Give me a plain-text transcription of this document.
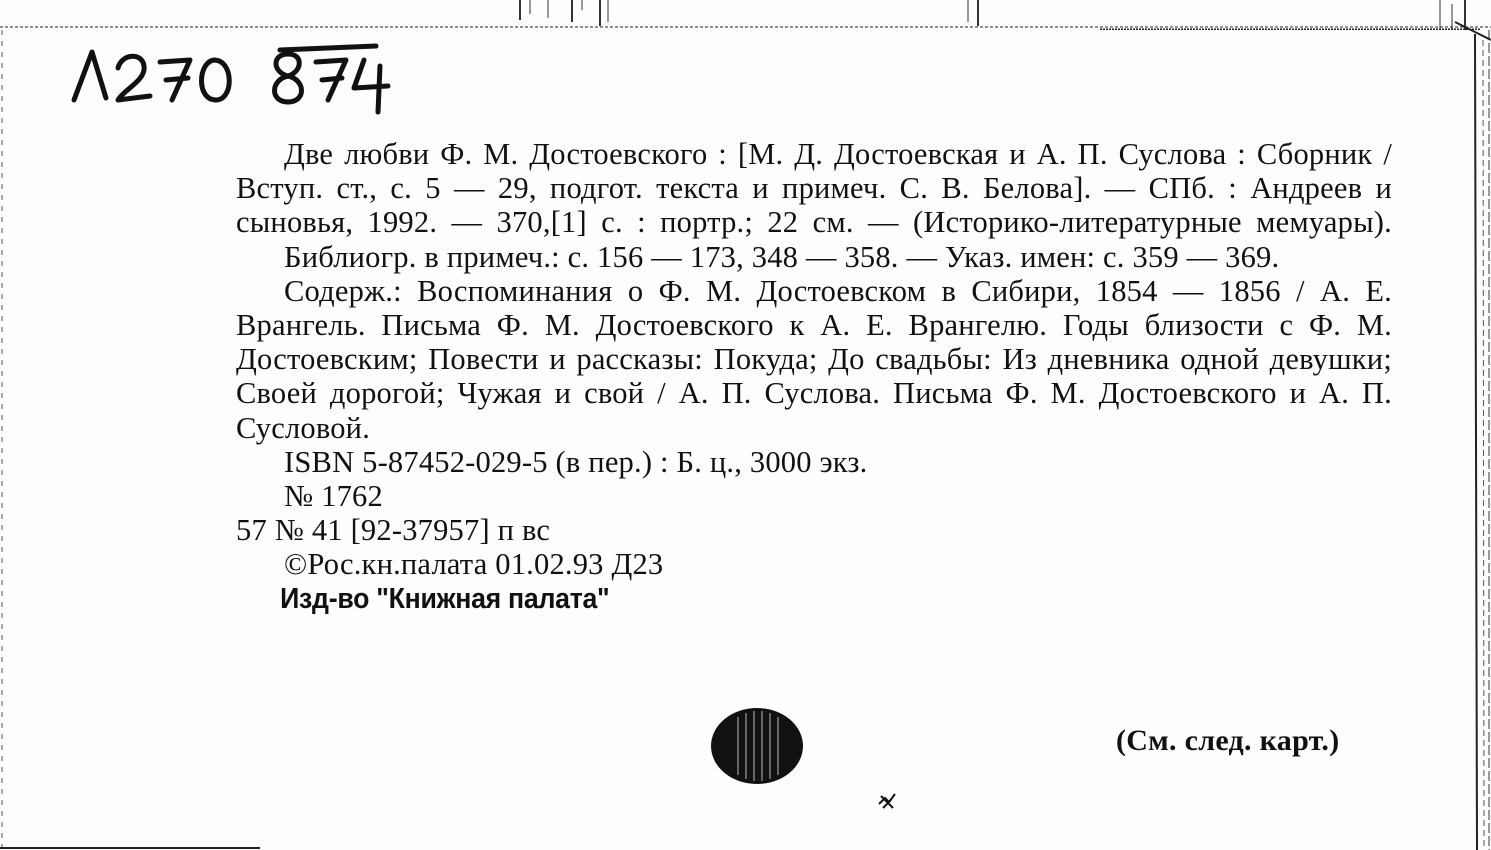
Две любви Ф. М. Достоевского : [М. Д. Достоевская и А. П. Суслова : Сборник / Вступ. ст., с. 5 — 29, подгот. текста и примеч. С. В. Белова]. — СПб. : Андреев и сыновья, 1992. — 370,[1] с. : портр.; 22 см. — (Историко-литературные мемуары).

Библиогр. в примеч.: с. 156 — 173, 348 — 358. — Указ. имен: с. 359 — 369.

Содерж.: Воспоминания о Ф. М. Достоевском в Сибири, 1854 — 1856 / А. Е. Врангель. Письма Ф. М. Достоевского к А. Е. Врангелю. Годы близости с Ф. М. Достоевским; Повести и рассказы: Покуда; До свадьбы: Из дневника одной девушки; Своей дорогой; Чужая и свой / А. П. Суслова. Письма Ф. М. Достоевского и А. П. Сусловой.

ISBN 5-87452-029-5 (в пер.) : Б. ц., 3000 экз.

№ 1762

57 № 41 [92-37957] п вс

©Рос.кн.палата 01.02.93 Д23

Изд-во "Книжная палата"

(См. след. карт.)
